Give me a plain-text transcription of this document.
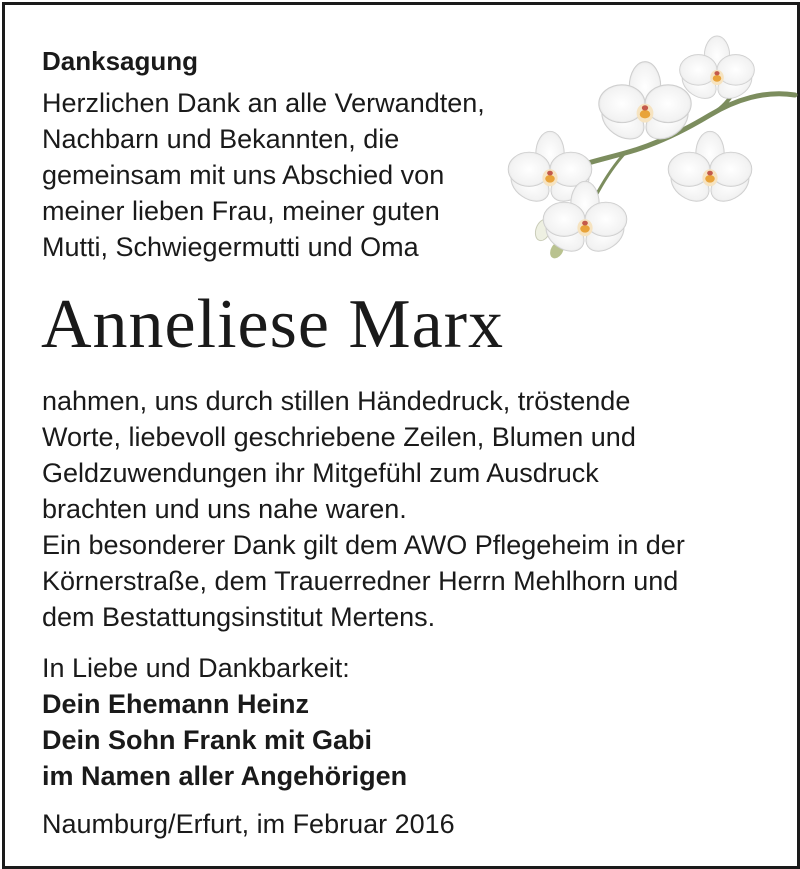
Danksagung
Herzlichen Dank an alle Verwandten,
Nachbarn und Bekannten, die
gemeinsam mit uns Abschied von
meiner lieben Frau, meiner guten
Mutti, Schwiegermutti und Oma
Anneliese Marx
nahmen, uns durch stillen Händedruck, tröstende
Worte, liebevoll geschriebene Zeilen, Blumen und
Geldzuwendungen ihr Mitgefühl zum Ausdruck
brachten und uns nahe waren.
Ein besonderer Dank gilt dem AWO Pflegeheim in der
Körnerstraße, dem Trauerredner Herrn Mehlhorn und
dem Bestattungsinstitut Mertens.
In Liebe und Dankbarkeit:
Dein Ehemann Heinz
Dein Sohn Frank mit Gabi
im Namen aller Angehörigen
Naumburg/Erfurt, im Februar 2016
